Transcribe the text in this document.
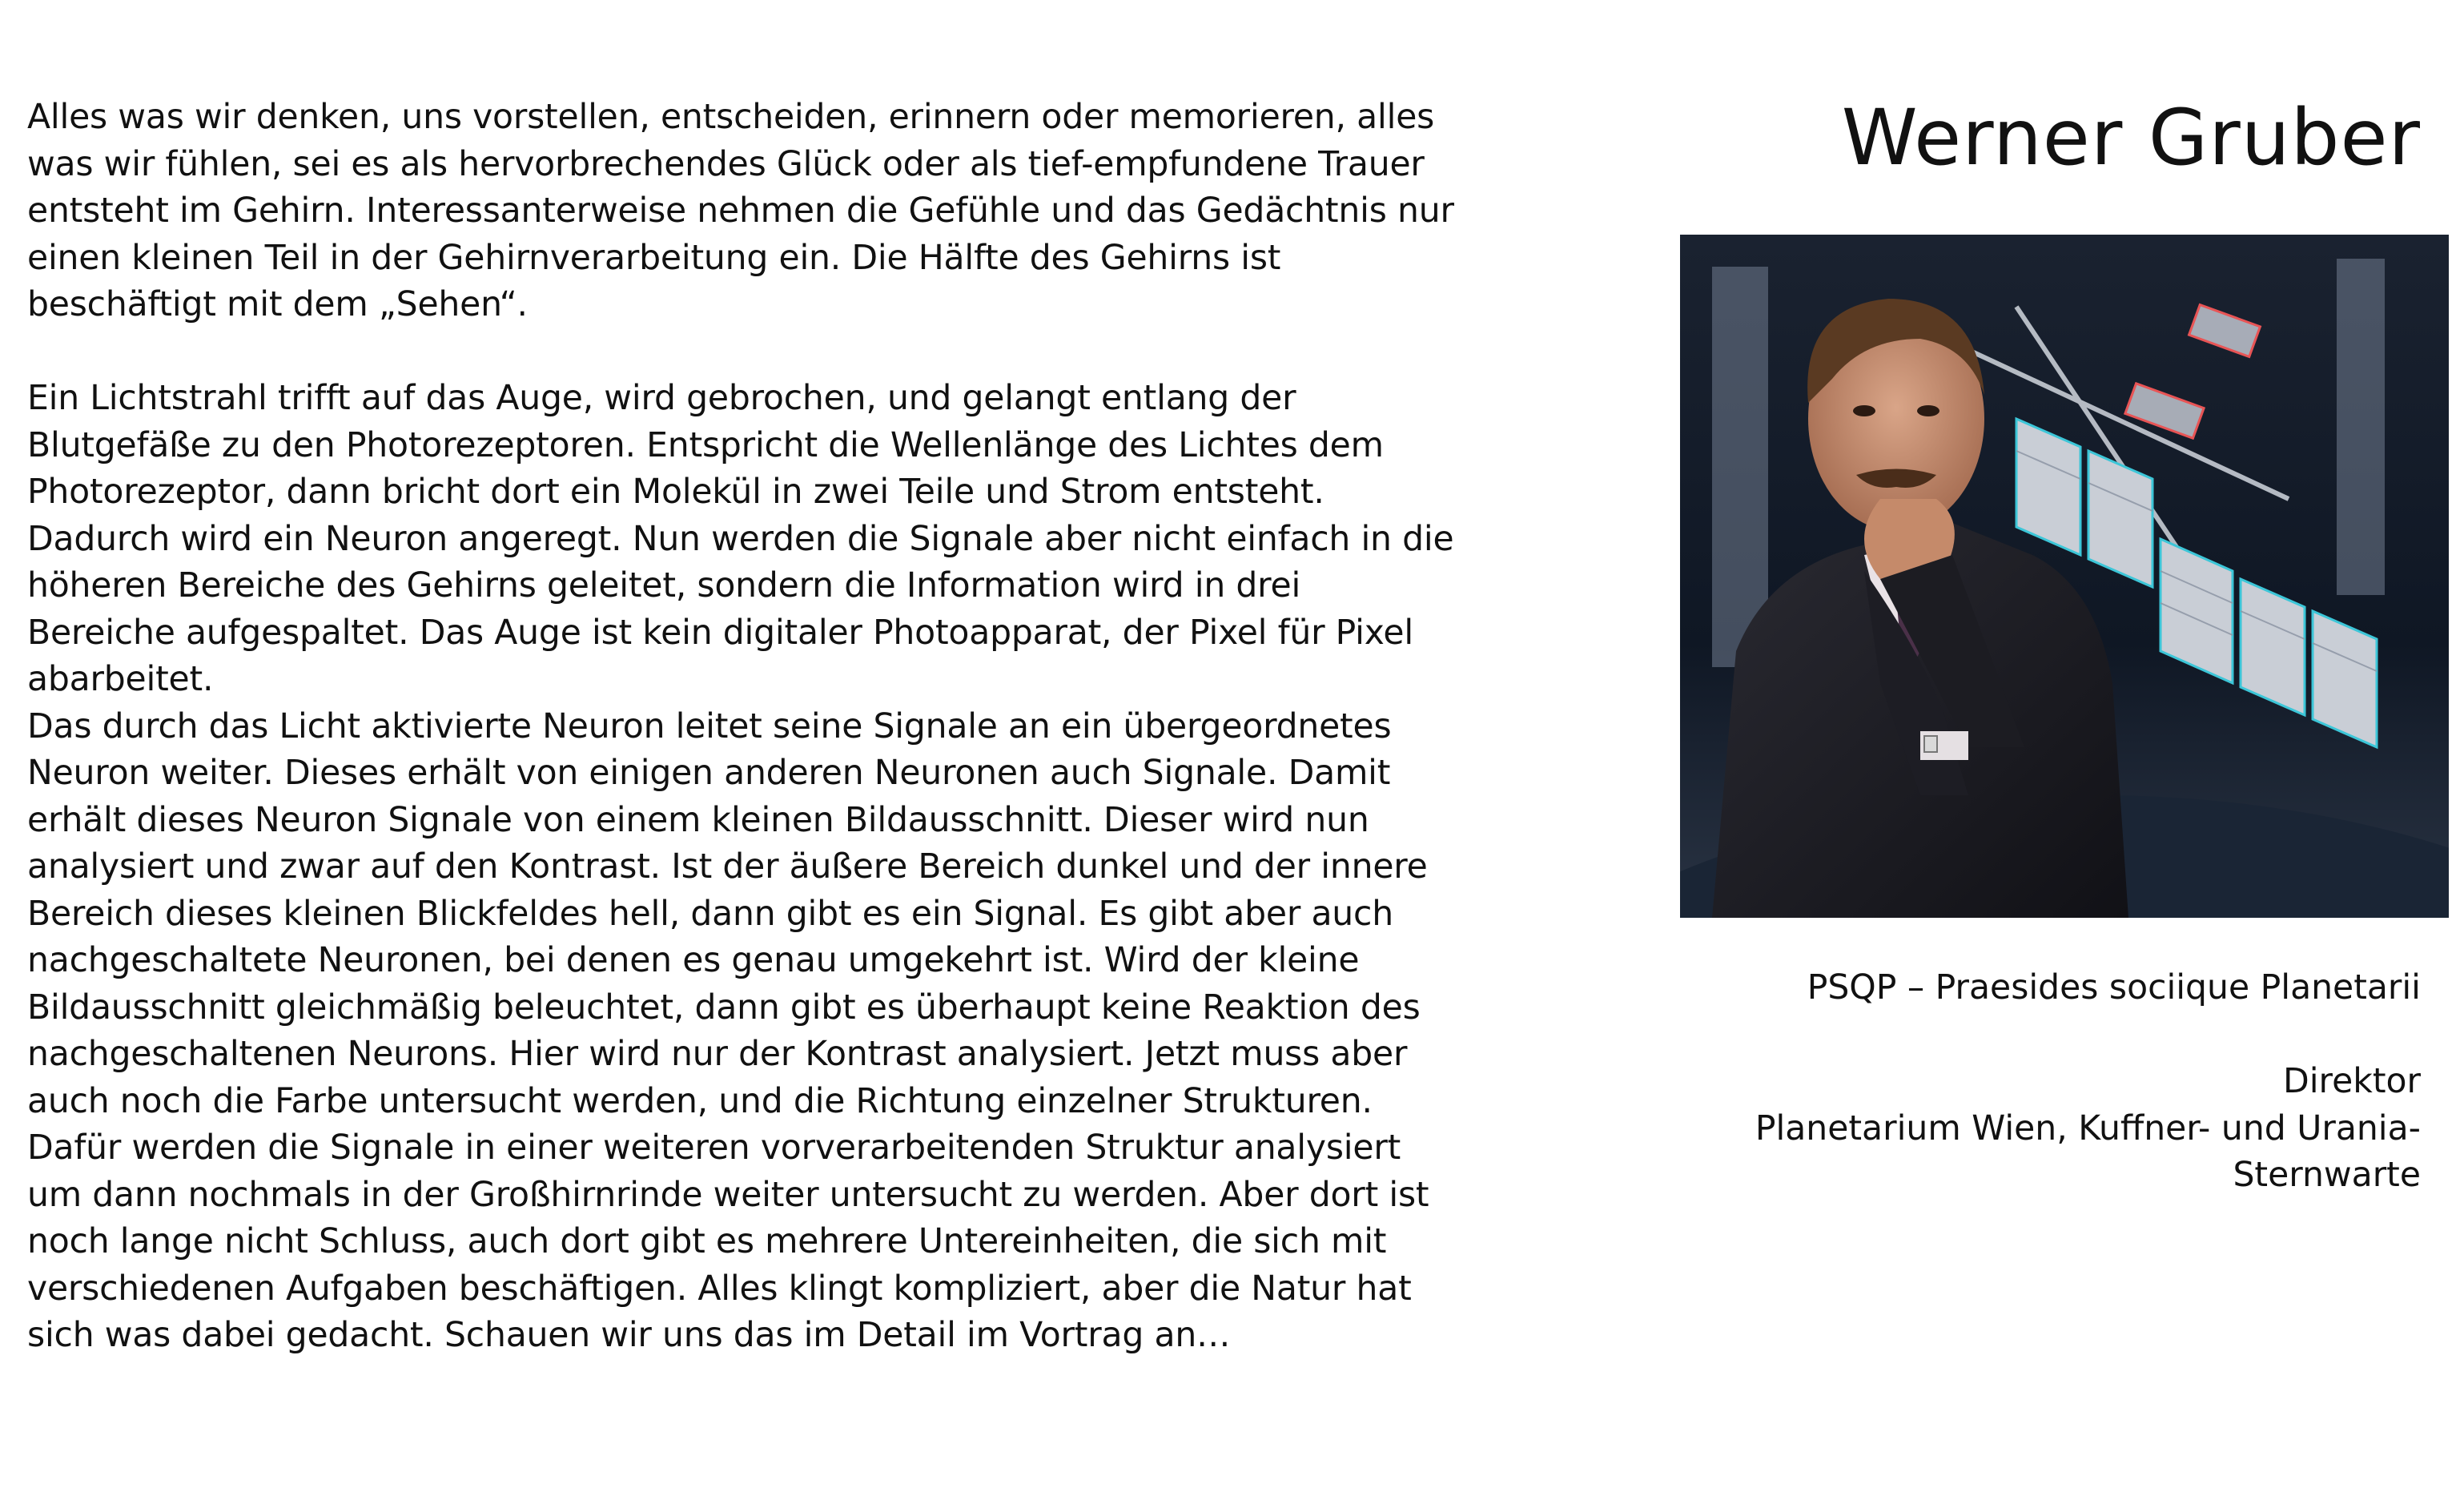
Alles was wir denken, uns vorstellen, entscheiden, erinnern oder memorieren, alles
was wir fühlen, sei es als hervorbrechendes Glück oder als tief-empfundene Trauer
entsteht im Gehirn. Interessanterweise nehmen die Gefühle und das Gedächtnis nur
einen kleinen Teil in der Gehirnverarbeitung ein. Die Hälfte des Gehirns ist
beschäftigt mit dem „Sehen“.

Ein Lichtstrahl trifft auf das Auge, wird gebrochen, und gelangt entlang der
Blutgefäße zu den Photorezeptoren. Entspricht die Wellenlänge des Lichtes dem
Photorezeptor, dann bricht dort ein Molekül in zwei Teile und Strom entsteht.
Dadurch wird ein Neuron angeregt. Nun werden die Signale aber nicht einfach in die
höheren Bereiche des Gehirns geleitet, sondern die Information wird in drei
Bereiche aufgespaltet. Das Auge ist kein digitaler Photoapparat, der Pixel für Pixel
abarbeitet.

Das durch das Licht aktivierte Neuron leitet seine Signale an ein übergeordnetes
Neuron weiter. Dieses erhält von einigen anderen Neuronen auch Signale. Damit
erhält dieses Neuron Signale von einem kleinen Bildausschnitt. Dieser wird nun
analysiert und zwar auf den Kontrast. Ist der äußere Bereich dunkel und der innere
Bereich dieses kleinen Blickfeldes hell, dann gibt es ein Signal. Es gibt aber auch
nachgeschaltete Neuronen, bei denen es genau umgekehrt ist. Wird der kleine
Bildausschnitt gleichmäßig beleuchtet, dann gibt es überhaupt keine Reaktion des
nachgeschaltenen Neurons. Hier wird nur der Kontrast analysiert. Jetzt muss aber
auch noch die Farbe untersucht werden, und die Richtung einzelner Strukturen.
Dafür werden die Signale in einer weiteren vorverarbeitenden Struktur analysiert
um dann nochmals in der Großhirnrinde weiter untersucht zu werden. Aber dort ist
noch lange nicht Schluss, auch dort gibt es mehrere Untereinheiten, die sich mit
verschiedenen Aufgaben beschäftigen. Alles klingt kompliziert, aber die Natur hat
sich was dabei gedacht. Schauen wir uns das im Detail im Vortrag an…

Werner Gruber

PSQP – Praesides sociique Planetarii

Direktor

Planetarium Wien, Kuffner- und Urania-

Sternwarte
